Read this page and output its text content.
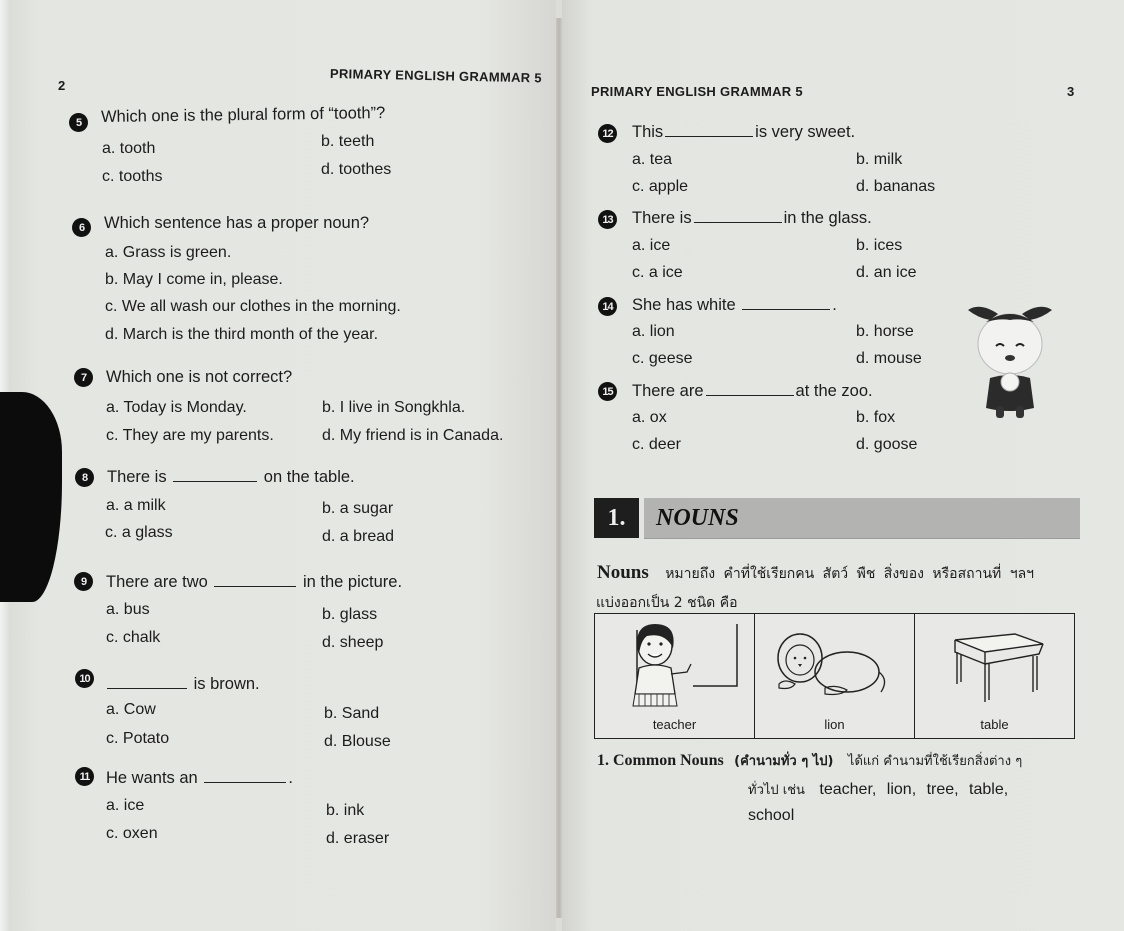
2
PRIMARY ENGLISH GRAMMAR 5
5	Which one is the plural form of “tooth”?
a. tooth	b. teeth
c. tooths	d. toothes
6	Which sentence has a proper noun?
a. Grass is green.
b. May I come in, please.
c. We all wash our clothes in the morning.
d. March is the third month of the year.
7	Which one is not correct?
a. Today is Monday.	b. I live in Songkhla.
c. They are my parents.	d. My friend is in Canada.
8	There is	on the table.
a. a milk	b. a sugar
c. a glass	d. a bread
9	There are two	in the picture.
a. bus	b. glass
c. chalk	d. sheep
10	is brown.
a. Cow	b. Sand
c. Potato	d. Blouse
11 He wants an	.
a. ice	b. ink
c. oxen	d. eraser
PRIMARY ENGLISH GRAMMAR 5	3
12 This	is very sweet.
a. tea	b. milk
c. apple	d. bananas
13 There is	in the glass.
a. ice	b. ices
c. a ice	d. an ice
14 She has white	.
a. lion	b. horse
c. geese	d. mouse
15 There are	at the zoo.
a. ox	b. fox
c. deer	d. goose
1.	NOUNS
Nouns หมายถึง คำที่ใช้เรียกคน สัตว์ พืช สิ่งของ หรือสถานที่ ฯลฯ
แบ่งออกเป็น 2 ชนิด คือ
teacher	lion	table
1. Common Nouns (คำนามทั่ว ๆ ไป) ได้แก่ คำนามที่ใช้เรียกสิ่งต่าง ๆ
ทั่วไป เช่น teacher, lion, tree, table,
school
